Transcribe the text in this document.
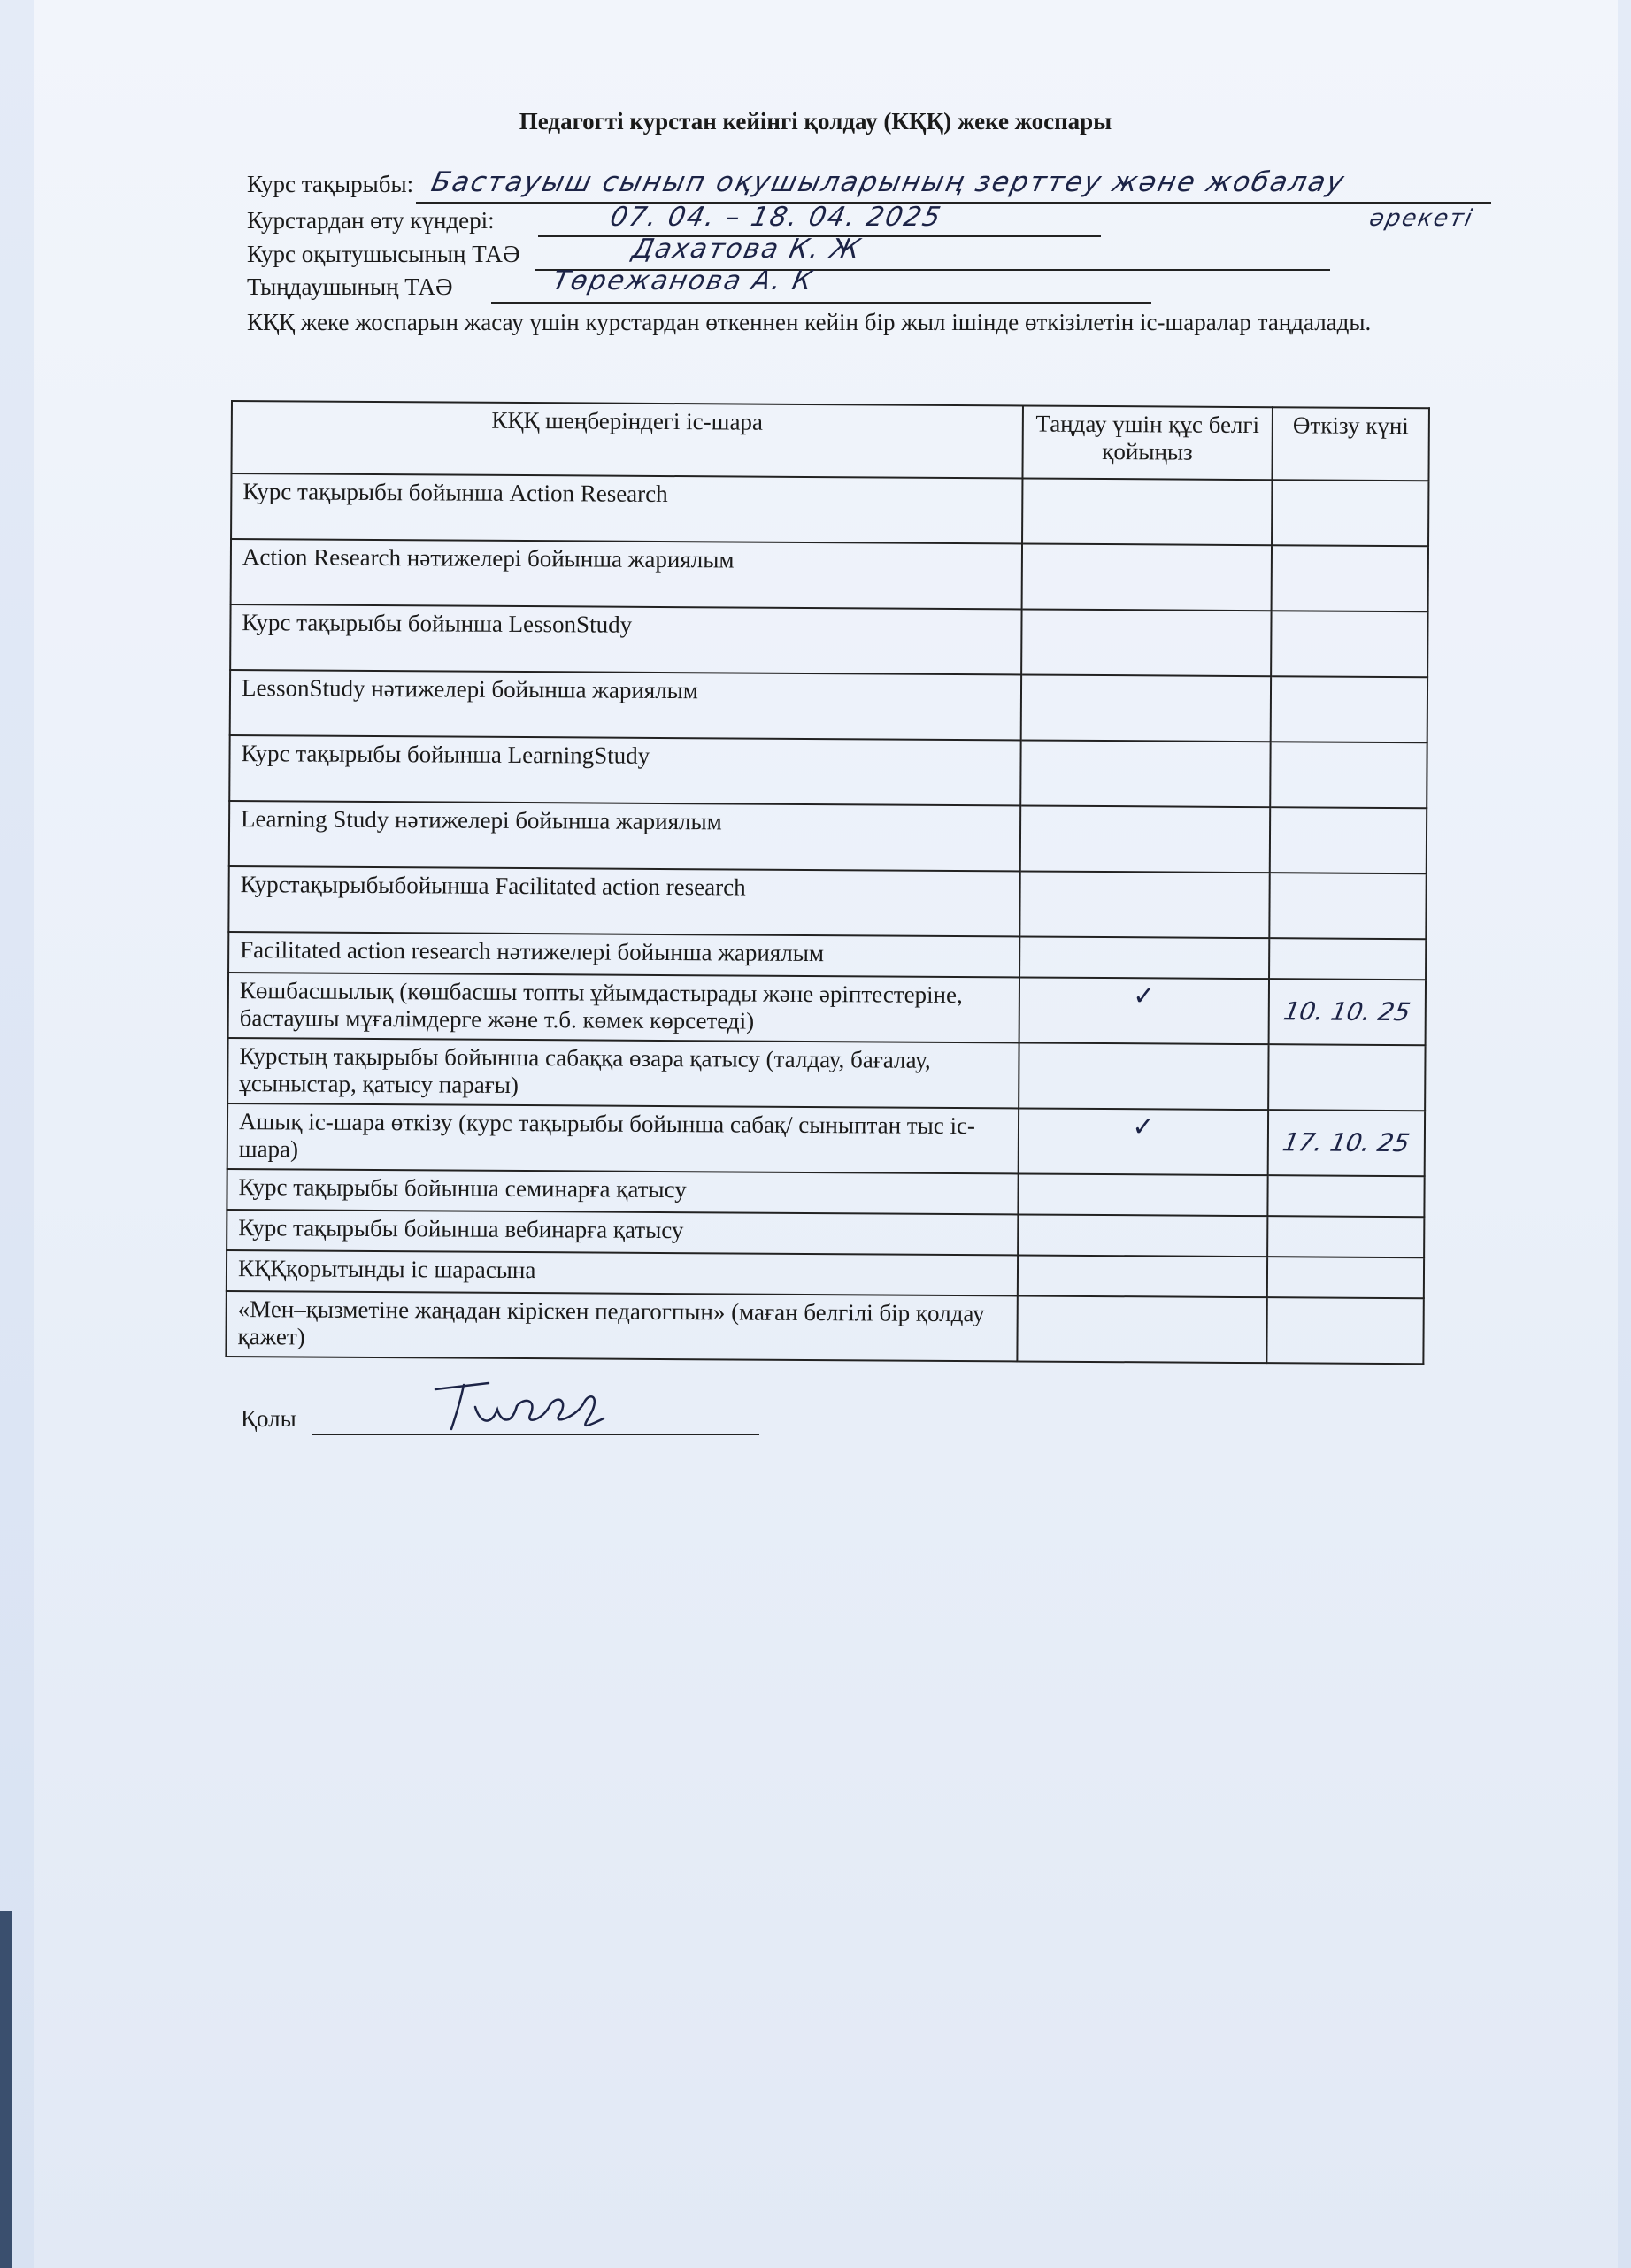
Педагогті курстан кейінгі қолдау (КҚҚ) жеке жоспары
Курс тақырыбы: Бастауыш сынып оқушыларының зерттеу және жобалау
әрекеті
Курстардан өту күндері:	07. 04. – 18. 04. 2025
Курс оқытушысының ТАӘ	Дахатова К. Ж
Тыңдаушының ТАӘ	Төрежанова А. К
КҚҚ жеке жоспарын жасау үшін курстардан өткеннен кейін бір жыл ішінде өткізілетін іс-шаралар таңдалады.
КҚҚ шеңберіндегі іс-шара	Таңдау үшін құс белгі қойыңыз	Өткізу күні
Курс тақырыбы бойынша Action Research		
Action Research нәтижелері бойынша жариялым		
Курс тақырыбы бойынша LessonStudy		
LessonStudy нәтижелері бойынша жариялым		
Курс тақырыбы бойынша LearningStudy		
Learning Study нәтижелері бойынша жариялым		
Курстақырыбыбойынша Facilitated action research		
Facilitated action research нәтижелері бойынша жариялым		
Көшбасшылық (көшбасшы топты ұйымдастырады және әріптестеріне, бастаушы мұғалімдерге және т.б. көмек көрсетеді)	✓	10. 10. 25
Курстың тақырыбы бойынша сабаққа өзара қатысу (талдау, бағалау, ұсыныстар, қатысу парағы)		
Ашық іс-шара өткізу (курс тақырыбы бойынша сабақ/ сыныптан тыс іс-шара)	✓	17. 10. 25
Курс тақырыбы бойынша семинарға қатысу		
Курс тақырыбы бойынша вебинарға қатысу		
КҚҚқорытынды іс шарасына		
«Мен–қызметіне жаңадан кірiскен педагогпын» (маған белгілі бір қолдау қажет)		
Қолы
